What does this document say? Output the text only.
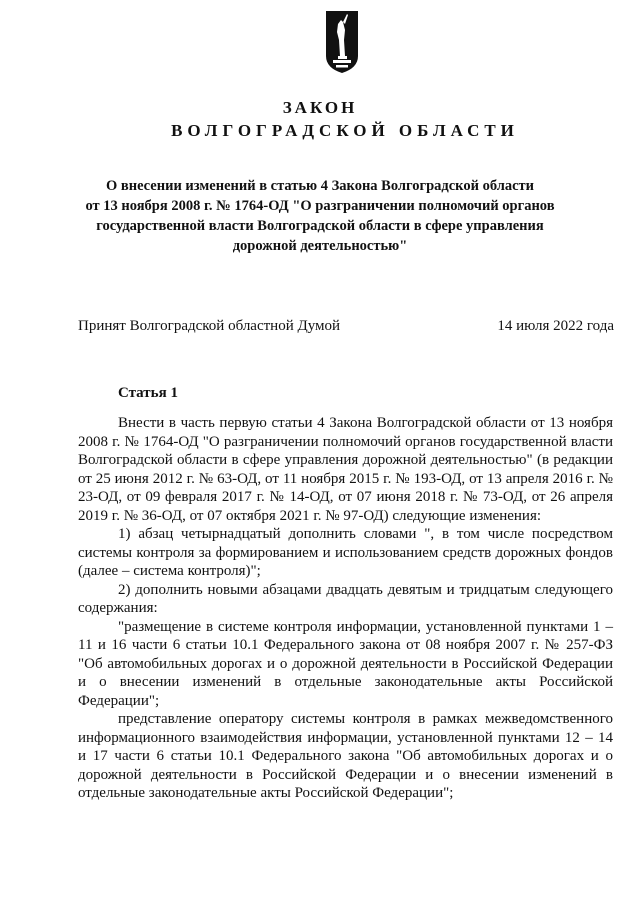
ЗАКОН
ВОЛГОГРАДСКОЙ ОБЛАСТИ
О внесении изменений в статью 4 Закона Волгоградской области
от 13 ноября 2008 г. № 1764-ОД "О разграничении полномочий органов
государственной власти Волгоградской области в сфере управления
дорожной деятельностью"
Принят Волгоградской областной Думой	14 июля 2022 года
Статья 1

Внести в часть первую статьи 4 Закона Волгоградской области от 13 ноября 2008 г. № 1764-ОД "О разграничении полномочий органов государственной власти Волгоградской области в сфере управления дорожной деятельностью" (в редакции от 25 июня 2012 г. № 63-ОД, от 11 ноября 2015 г. № 193-ОД, от 13 апреля 2016 г. № 23-ОД, от 09 февраля 2017 г. № 14-ОД, от 07 июня 2018 г. № 73-ОД, от 26 апреля 2019 г. № 36-ОД, от 07 октября 2021 г. № 97-ОД) следующие изменения:

1) абзац четырнадцатый дополнить словами ", в том числе посредством системы контроля за формированием и использованием средств дорожных фондов (далее – система контроля)";

2) дополнить новыми абзацами двадцать девятым и тридцатым следующего содержания:

"размещение в системе контроля информации, установленной пунктами 1 – 11 и 16 части 6 статьи 10.1 Федерального закона от 08 ноября 2007 г. № 257-ФЗ "Об автомобильных дорогах и о дорожной деятельности в Российской Федерации и о внесении изменений в отдельные законодательные акты Российской Федерации";

представление оператору системы контроля в рамках межведомственного информационного взаимодействия информации, установленной пунктами 12 – 14 и 17 части 6 статьи 10.1 Федерального закона "Об автомобильных дорогах и о дорожной деятельности в Российской Федерации и о внесении изменений в отдельные законодательные акты Российской Федерации";
